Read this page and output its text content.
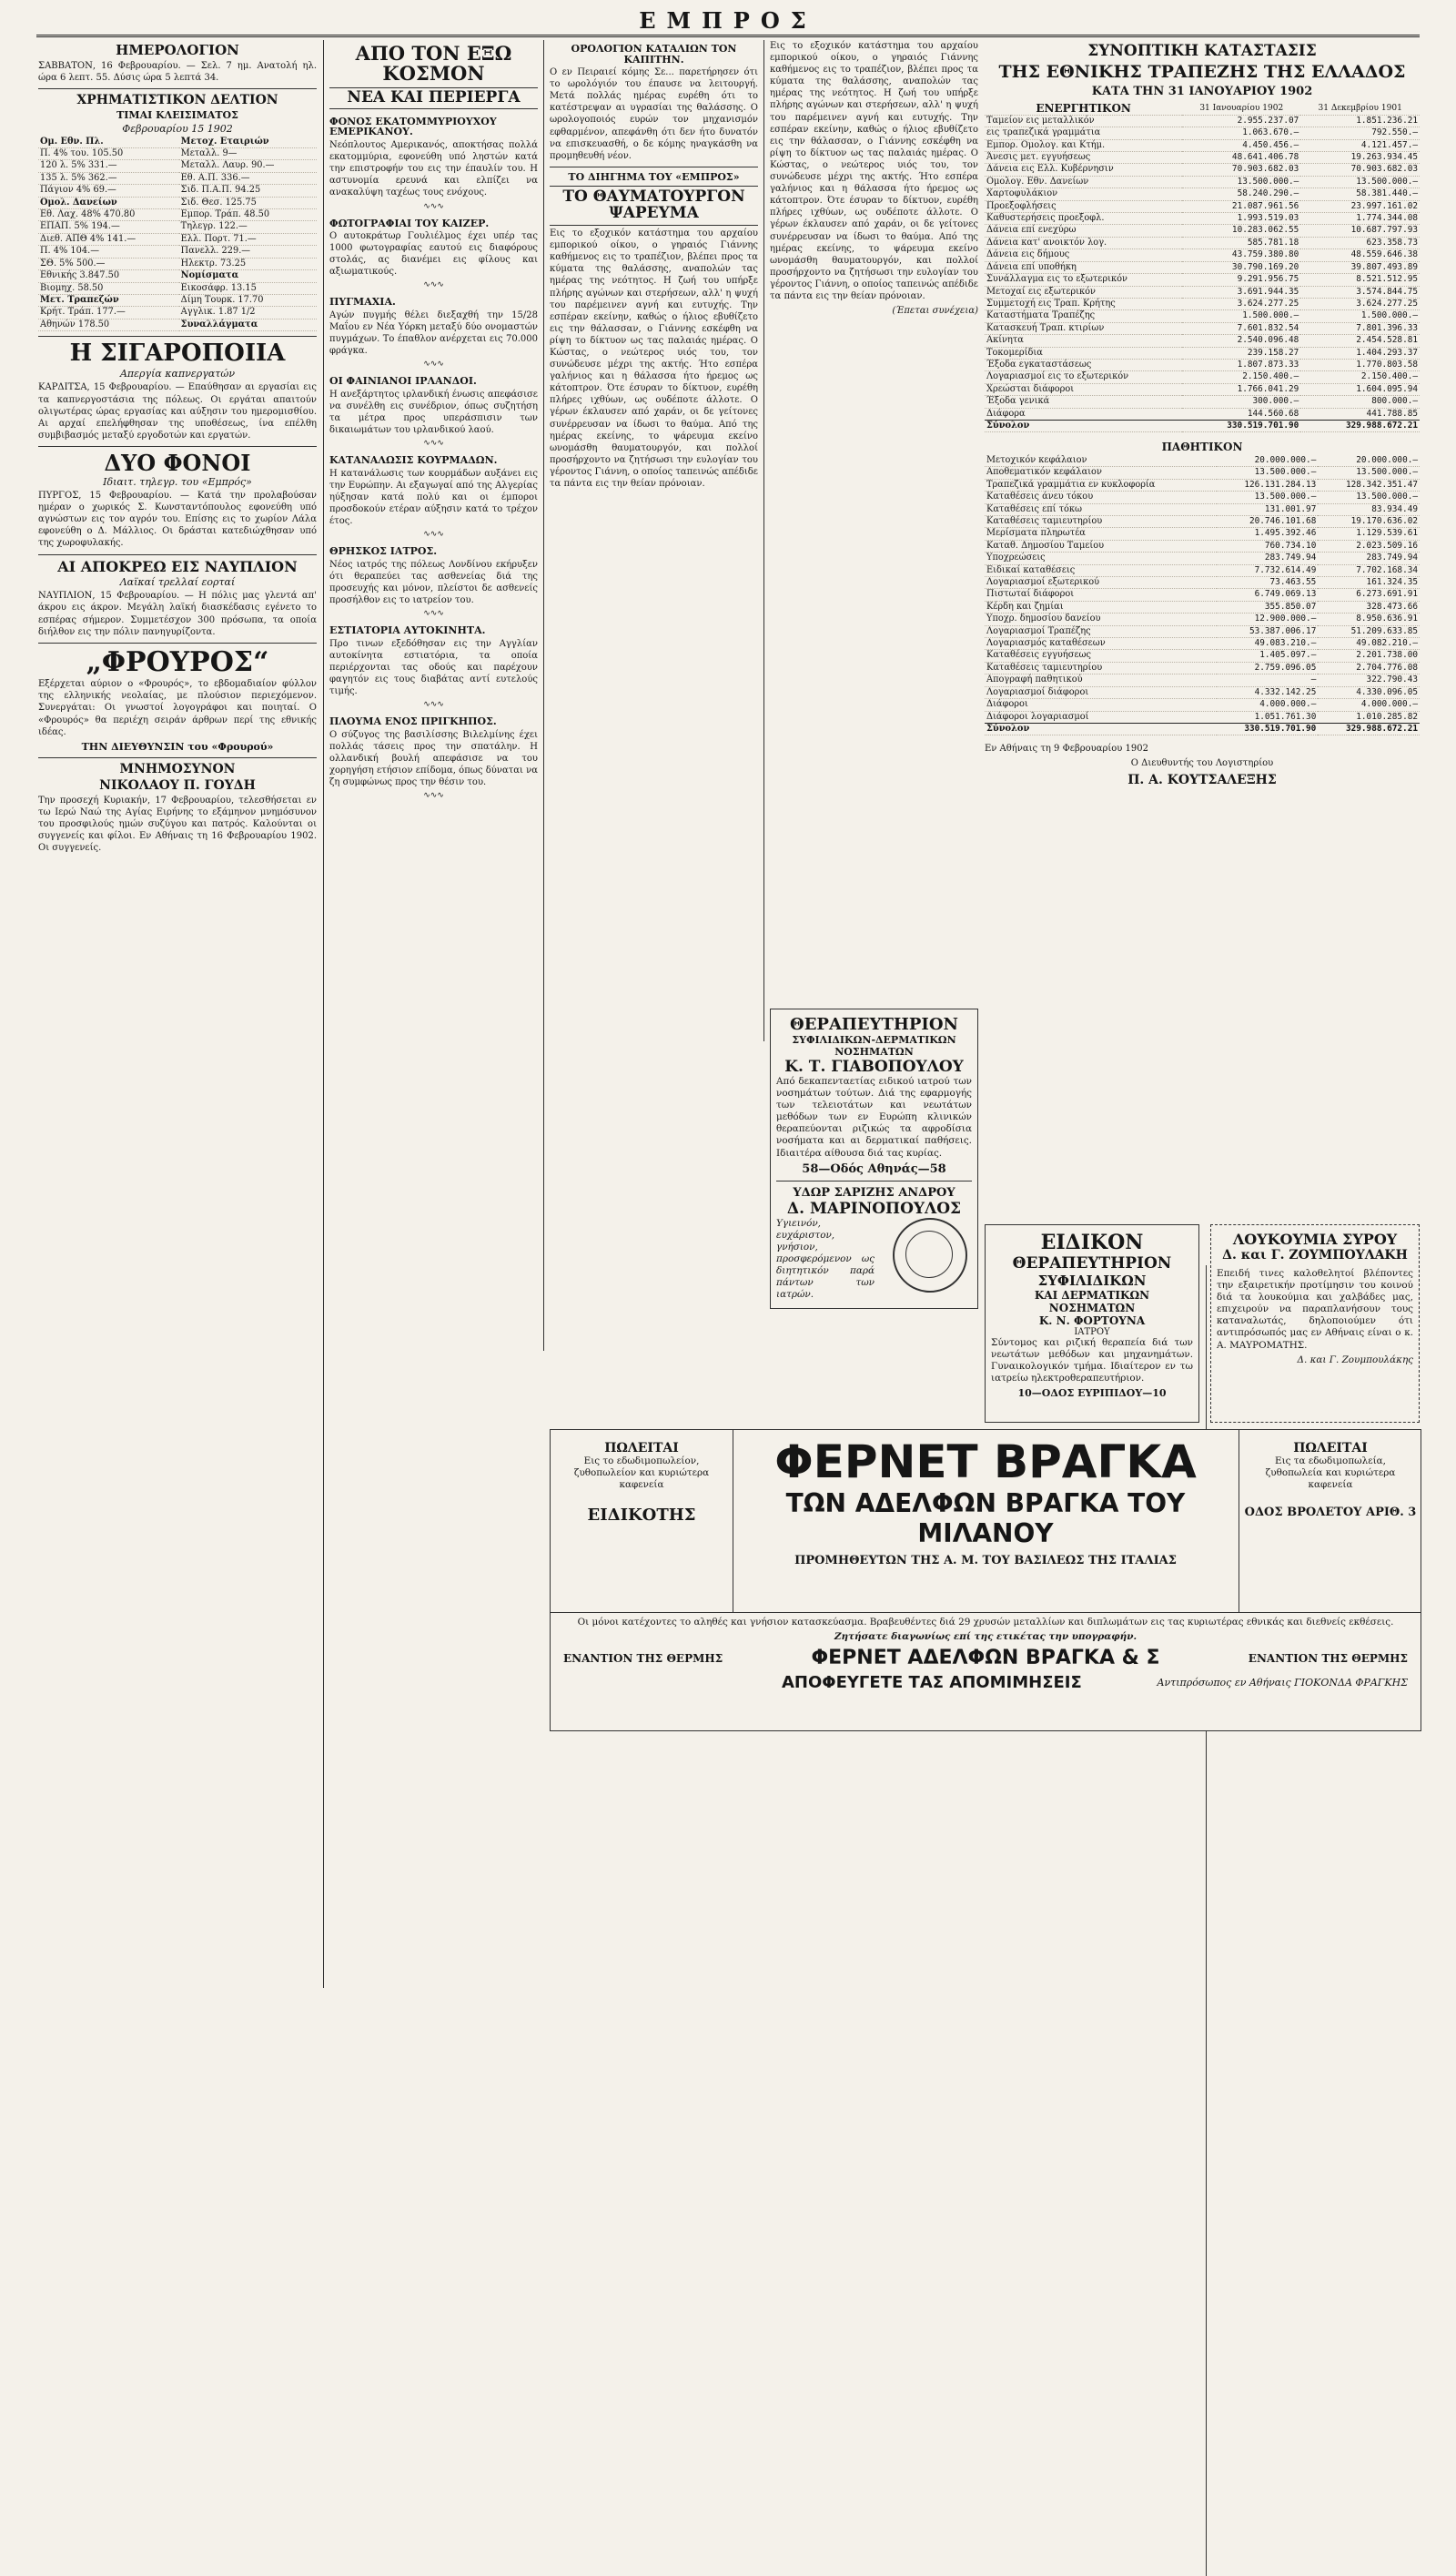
ΕΜΠΡΟΣ
ΗΜΕΡΟΛΟΓΙΟΝ

ΣΑΒΒΑΤΟΝ, 16 Φεβρουαρίου. — Σελ. 7 ημ. Ανατολή ηλ. ώρα 6 λεπτ. 55. Δύσις ώρα 5 λεπτά 34.

ΧΡΗΜΑΤΙΣΤΙΚΟΝ ΔΕΛΤΙΟΝ
ΤΙΜΑΙ ΚΛΕΙΣΙΜΑΤΟΣ
Φεβρουαρίου 15 1902
Ομ. Εθν. Πλ.	Μετοχ. Εταιριών
Π. 4% του. 105.50	Μεταλλ. 9—
120 λ. 5% 331.—	Μεταλλ. Λαυρ. 90.—
135 λ. 5% 362.—	Εθ. Α.Π. 336.—
Πάγιον 4% 69.—	Σιδ. Π.Α.Π. 94.25
Ομολ. Δανείων	Σιδ. Θεσ. 125.75
Εθ. Λαχ. 48% 470.80	Εμπορ. Τράπ. 48.50
ΕΠΑΠ. 5% 194.—	Τηλεγρ. 122.—
Διεθ. ΑΠΘ 4% 141.—	Ελλ. Πορτ. 71.—
Π. 4% 104.—	Πανελλ. 229.—
ΣΘ. 5% 500.—	Ηλεκτρ. 73.25
Εθνικής 3.847.50	Νομίσματα
Βιομηχ. 58.50	Εικοσάφρ. 13.15
Μετ. Τραπεζών	Δίμη Τουρκ. 17.70
Κρήτ. Τράπ. 177.—	Αγγλικ. 1.87 1/2
Αθηνών 178.50	Συναλλάγματα
Η ΣΙΓΑΡΟΠΟΙΙΑ
Απεργία καπνεργατών

ΚΑΡΔΙΤΣΑ, 15 Φεβρουαρίου. — Επαύθησαν αι εργασίαι εις τα καπνεργοστάσια της πόλεως. Οι εργάται απαιτούν ολιγωτέρας ώρας εργασίας και αύξησιν του ημερομισθίου. Αι αρχαί επελήφθησαν της υποθέσεως, ίνα επέλθη συμβιβασμός μεταξύ εργοδοτών και εργατών.

ΔΥΟ ΦΟΝΟΙ
Ιδιαιτ. τηλεγρ. του «Εμπρός»

ΠΥΡΓΟΣ, 15 Φεβρουαρίου. — Κατά την προλαβούσαν ημέραν ο χωρικός Σ. Κωνσταντόπουλος εφονεύθη υπό αγνώστων εις τον αγρόν του. Επίσης εις το χωρίον Λάλα εφονεύθη ο Δ. Μάλλιος. Οι δράσται κατεδιώχθησαν υπό της χωροφυλακής.

ΑΙ ΑΠΟΚΡΕΩ ΕΙΣ ΝΑΥΠΛΙΟΝ
Λαϊκαί τρελλαί εορταί

ΝΑΥΠΛΙΟΝ, 15 Φεβρουαρίου. — Η πόλις μας γλεντά απ' άκρου εις άκρον. Μεγάλη λαϊκή διασκέδασις εγένετο το εσπέρας σήμερον. Συμμετέσχον 300 πρόσωπα, τα οποία διήλθον εις την πόλιν πανηγυρίζοντα.

„ΦΡΟΥΡΟΣ“

Εξέρχεται αύριον ο «Φρουρός», το εβδομαδιαίον φύλλον της ελληνικής νεολαίας, με πλούσιον περιεχόμενον. Συνεργάται: Οι γνωστοί λογογράφοι και ποιηταί. Ο «Φρουρός» θα περιέχη σειράν άρθρων περί της εθνικής ιδέας.

ΤΗΝ ΔΙΕΥΘΥΝΣΙΝ του «Φρουρού»
ΜΝΗΜΟΣΥΝΟΝ
ΝΙΚΟΛΑΟΥ Π. ΓΟΥΔΗ

Την προσεχή Κυριακήν, 17 Φεβρουαρίου, τελεσθήσεται εν τω Ιερώ Ναώ της Αγίας Ειρήνης το εξάμηνον μνημόσυνον του προσφιλούς ημών συζύγου και πατρός. Καλούνται οι συγγενείς και φίλοι. Εν Αθήναις τη 16 Φεβρουαρίου 1902. Οι συγγενείς.

ΑΠΟ ΤΟΝ ΕΞΩ ΚΟΣΜΟΝ
ΝΕΑ ΚΑΙ ΠΕΡΙΕΡΓΑ
ΦΟΝΟΣ ΕΚΑΤΟΜΜΥΡΙΟΥΧΟΥ ΕΜΕΡΙΚΑΝΟΥ.

Νεόπλουτος Αμερικανός, αποκτήσας πολλά εκατομμύρια, εφονεύθη υπό ληστών κατά την επιστροφήν του εις την έπαυλίν του. Η αστυνομία ερευνά και ελπίζει να ανακαλύψη ταχέως τους ενόχους.

∿∿∿
ΦΩΤΟΓΡΑΦΙΑΙ ΤΟΥ ΚΑΙΖΕΡ.

Ο αυτοκράτωρ Γουλιέλμος έχει υπέρ τας 1000 φωτογραφίας εαυτού εις διαφόρους στολάς, ας διανέμει εις φίλους και αξιωματικούς.

∿∿∿
ΠΥΓΜΑΧΙΑ.

Αγών πυγμής θέλει διεξαχθή την 15/28 Μαΐου εν Νέα Υόρκη μεταξύ δύο ονομαστών πυγμάχων. Το έπαθλον ανέρχεται εις 70.000 φράγκα.

∿∿∿
ΟΙ ΦΑΙΝΙΑΝΟΙ ΙΡΛΑΝΔΟΙ.

Η ανεξάρτητος ιρλανδική ένωσις απεφάσισε να συνέλθη εις συνέδριον, όπως συζητήση τα μέτρα προς υπεράσπισιν των δικαιωμάτων του ιρλανδικού λαού.

∿∿∿
ΚΑΤΑΝΑΛΩΣΙΣ ΚΟΥΡΜΑΔΩΝ.

Η κατανάλωσις των κουρμάδων αυξάνει εις την Ευρώπην. Αι εξαγωγαί από της Αλγερίας ηύξησαν κατά πολύ και οι έμποροι προσδοκούν ετέραν αύξησιν κατά το τρέχον έτος.

∿∿∿
ΘΡΗΣΚΟΣ ΙΑΤΡΟΣ.

Νέος ιατρός της πόλεως Λονδίνου εκήρυξεν ότι θεραπεύει τας ασθενείας διά της προσευχής και μόνον, πλείστοι δε ασθενείς προσήλθον εις το ιατρείον του.

∿∿∿
ΕΣΤΙΑΤΟΡΙΑ ΑΥΤΟΚΙΝΗΤΑ.

Προ τινων εξεδόθησαν εις την Αγγλίαν αυτοκίνητα εστιατόρια, τα οποία περιέρχονται τας οδούς και παρέχουν φαγητόν εις τους διαβάτας αντί ευτελούς τιμής.

∿∿∿
ΠΛΟΥΜΑ ΕΝΟΣ ΠΡΙΓΚΗΠΟΣ.

Ο σύζυγος της βασιλίσσης Βιλελμίνης έχει πολλάς τάσεις προς την σπατάλην. Η ολλανδική βουλή απεφάσισε να του χορηγήση ετήσιον επίδομα, όπως δύναται να ζη συμφώνως προς την θέσιν του.

∿∿∿
ΟΡΟΛΟΓΙΟΝ ΚΑΤΑΛΙΩΝ ΤΟΝ ΚΑΠΙΤΗΝ.

Ο εν Πειραιεί κόμης Σε... παρετήρησεν ότι το ωρολόγιόν του έπαυσε να λειτουργή. Μετά πολλάς ημέρας ευρέθη ότι το κατέστρεψαν αι υγρασίαι της θαλάσσης. Ο ωρολογοποιός ευρών τον μηχανισμόν εφθαρμένον, απεφάνθη ότι δεν ήτο δυνατόν να επισκευασθή, ο δε κόμης ηναγκάσθη να προμηθευθή νέον.

ΤΟ ΔΙΗΓΗΜΑ ΤΟΥ «ΕΜΠΡΟΣ»
ΤΟ ΘΑΥΜΑΤΟΥΡΓΟΝ ΨΑΡΕΥΜΑ

Εις το εξοχικόν κατάστημα του αρχαίου εμπορικού οίκου, ο γηραιός Γιάννης καθήμενος εις το τραπέζιον, βλέπει προς τα κύματα της θαλάσσης, αναπολών τας ημέρας της νεότητος. Η ζωή του υπήρξε πλήρης αγώνων και στερήσεων, αλλ' η ψυχή του παρέμεινεν αγνή και ευτυχής. Την εσπέραν εκείνην, καθώς ο ήλιος εβυθίζετο εις την θάλασσαν, ο Γιάννης εσκέφθη να ρίψη το δίκτυον ως τας παλαιάς ημέρας. Ο Κώστας, ο νεώτερος υιός του, τον συνώδευσε μέχρι της ακτής. Ήτο εσπέρα γαλήνιος και η θάλασσα ήτο ήρεμος ως κάτοπτρον. Ότε έσυραν το δίκτυον, ευρέθη πλήρες ιχθύων, ως ουδέποτε άλλοτε. Ο γέρων έκλαυσεν από χαράν, οι δε γείτονες συνέρρευσαν να ίδωσι το θαύμα. Από της ημέρας εκείνης, το ψάρευμα εκείνο ωνομάσθη θαυματουργόν, και πολλοί προσήρχοντο να ζητήσωσι την ευλογίαν του γέροντος Γιάννη, ο οποίος ταπεινώς απέδιδε τα πάντα εις την θείαν πρόνοιαν.

Εις το εξοχικόν κατάστημα του αρχαίου εμπορικού οίκου, ο γηραιός Γιάννης καθήμενος εις το τραπέζιον, βλέπει προς τα κύματα της θαλάσσης, αναπολών τας ημέρας της νεότητος. Η ζωή του υπήρξε πλήρης αγώνων και στερήσεων, αλλ' η ψυχή του παρέμεινεν αγνή και ευτυχής. Την εσπέραν εκείνην, καθώς ο ήλιος εβυθίζετο εις την θάλασσαν, ο Γιάννης εσκέφθη να ρίψη το δίκτυον ως τας παλαιάς ημέρας. Ο Κώστας, ο νεώτερος υιός του, τον συνώδευσε μέχρι της ακτής. Ήτο εσπέρα γαλήνιος και η θάλασσα ήτο ήρεμος ως κάτοπτρον. Ότε έσυραν το δίκτυον, ευρέθη πλήρες ιχθύων, ως ουδέποτε άλλοτε. Ο γέρων έκλαυσεν από χαράν, οι δε γείτονες συνέρρευσαν να ίδωσι το θαύμα. Από της ημέρας εκείνης, το ψάρευμα εκείνο ωνομάσθη θαυματουργόν, και πολλοί προσήρχοντο να ζητήσωσι την ευλογίαν του γέροντος Γιάννη, ο οποίος ταπεινώς απέδιδε τα πάντα εις την θείαν πρόνοιαν.

(Έπεται συνέχεια)

ΣΥΝΟΠΤΙΚΗ ΚΑΤΑΣΤΑΣΙΣ
ΤΗΣ ΕΘΝΙΚΗΣ ΤΡΑΠΕΖΗΣ ΤΗΣ ΕΛΛΑΔΟΣ
ΚΑΤΑ ΤΗΝ 31 ΙΑΝΟΥΑΡΙΟΥ 1902
ΕΝΕΡΓΗΤΙΚΟΝ	31 Ιανουαρίου 1902	31 Δεκεμβρίου 1901
Ταμείον εις μεταλλικόν	2.955.237.07	1.851.236.21
εις τραπεζικά γραμμάτια	1.063.670.—	792.550.—
Εμπορ. Ομολογ. και Κτήμ.	4.450.456.—	4.121.457.—
Άνεσις μετ. εγγυήσεως	48.641.406.78	19.263.934.45
Δάνεια εις Ελλ. Κυβέρνησιν	70.903.682.03	70.903.682.03
Ομολογ. Εθν. Δανείων	13.500.000.—	13.500.000.—
Χαρτοφυλάκιον	58.240.290.—	58.381.440.—
Προεξοφλήσεις	21.087.961.56	23.997.161.02
Καθυστερήσεις προεξοφλ.	1.993.519.03	1.774.344.08
Δάνεια επί ενεχύρω	10.283.062.55	10.687.797.93
Δάνεια κατ' ανοικτόν λογ.	585.781.18	623.358.73
Δάνεια εις δήμους	43.759.380.80	48.559.646.38
Δάνεια επί υποθήκη	30.790.169.20	39.807.493.89
Συνάλλαγμα εις το εξωτερικόν	9.291.956.75	8.521.512.95
Μετοχαί εις εξωτερικόν	3.691.944.35	3.574.844.75
Συμμετοχή εις Τραπ. Κρήτης	3.624.277.25	3.624.277.25
Καταστήματα Τραπέζης	1.500.000.—	1.500.000.—
Κατασκευή Τραπ. κτιρίων	7.601.832.54	7.801.396.33
Ακίνητα	2.540.096.48	2.454.528.81
Τοκομερίδια	239.158.27	1.404.293.37
Έξοδα εγκαταστάσεως	1.807.873.33	1.770.803.58
Λογαριασμοί εις το εξωτερικόν	2.150.400.—	2.150.400.—
Χρεώσται διάφοροι	1.766.041.29	1.604.095.94
Έξοδα γενικά	300.000.—	800.000.—
Διάφορα	144.560.68	441.788.85
Σύνολον	330.519.701.90	329.988.672.21
ΠΑΘΗΤΙΚΟΝ
Μετοχικόν κεφάλαιον	20.000.000.—	20.000.000.—
Αποθεματικόν κεφάλαιον	13.500.000.—	13.500.000.—
Τραπεζικά γραμμάτια εν κυκλοφορία	126.131.284.13	128.342.351.47
Καταθέσεις άνευ τόκου	13.500.000.—	13.500.000.—
Καταθέσεις επί τόκω	131.001.97	83.934.49
Καταθέσεις ταμιευτηρίου	20.746.101.68	19.170.636.02
Μερίσματα πληρωτέα	1.495.392.46	1.129.539.61
Καταθ. Δημοσίου Ταμείου	760.734.10	2.023.509.16
Υποχρεώσεις	283.749.94	283.749.94
Ειδικαί καταθέσεις	7.732.614.49	7.702.168.34
Λογαριασμοί εξωτερικού	73.463.55	161.324.35
Πιστωταί διάφοροι	6.749.069.13	6.273.691.91
Κέρδη και ζημίαι	355.850.07	328.473.66
Υποχρ. δημοσίου δανείου	12.900.000.—	8.950.636.91
Λογαριασμοί Τραπέζης	53.387.006.17	51.209.633.85
Λογαριασμός καταθέσεων	49.083.210.—	49.082.210.—
Καταθέσεις εγγυήσεως	1.405.097.—	2.201.738.00
Καταθέσεις ταμιευτηρίου	2.759.096.05	2.704.776.08
Απογραφή παθητικού	—	322.790.43
Λογαριασμοί διάφοροι	4.332.142.25	4.330.096.05
Διάφοροι	4.000.000.—	4.000.000.—
Διάφοροι λογαριασμοί	1.051.761.30	1.010.285.82
Σύνολον	330.519.701.90	329.988.672.21

Εν Αθήναις τη 9 Φεβρουαρίου 1902

Ο Διευθυντής του Λογιστηρίου

Π. Α. ΚΟΥΤΣΑΛΕΞΗΣ
ΘΕΡΑΠΕΥΤΗΡΙΟΝ
ΣΥΦΙΛΙΔΙΚΩΝ-ΔΕΡΜΑΤΙΚΩΝ ΝΟΣΗΜΑΤΩΝ
Κ. Τ. ΓΙΑΒΟΠΟΥΛΟΥ

Από δεκαπενταετίας ειδικού ιατρού των νοσημάτων τούτων. Διά της εφαρμογής των τελειοτάτων και νεωτάτων μεθόδων των εν Ευρώπη κλινικών θεραπεύονται ριζικώς τα αφροδίσια νοσήματα και αι δερματικαί παθήσεις. Ιδιαιτέρα αίθουσα διά τας κυρίας.

58—Οδός Αθηνάς—58
ΥΔΩΡ ΣΑΡΙΖΗΣ ΑΝΔΡΟΥ
Δ. ΜΑΡΙΝΟΠΟΥΛΟΣ

Υγιεινόν, ευχάριστον, γνήσιον, προσφερόμενον ως διητητικόν παρά πάντων των ιατρών.

ΕΙΔΙΚΟΝ
ΘΕΡΑΠΕΥΤΗΡΙΟΝ
ΣΥΦΙΛΙΔΙΚΩΝ
ΚΑΙ ΔΕΡΜΑΤΙΚΩΝ ΝΟΣΗΜΑΤΩΝ
Κ. Ν. ΦΟΡΤΟΥΝΑ
ΙΑΤΡΟΥ

Σύντομος και ριζική θεραπεία διά των νεωτάτων μεθόδων και μηχανημάτων. Γυναικολογικόν τμήμα. Ιδιαίτερον εν τω ιατρείω ηλεκτροθεραπευτήριον.

10—ΟΔΟΣ ΕΥΡΙΠΙΔΟΥ—10
ΛΟΥΚΟΥΜΙΑ ΣΥΡΟΥ
Δ. και Γ. ΖΟΥΜΠΟΥΛΑΚΗ

Επειδή τινες καλοθελητοί βλέποντες την εξαιρετικήν προτίμησιν του κοινού διά τα λουκούμια και χαλβάδες μας, επιχειρούν να παραπλανήσουν τους καταναλωτάς, δηλοποιούμεν ότι αντιπρόσωπός μας εν Αθήναις είναι ο κ. Α. ΜΑΥΡΟΜΑΤΗΣ.

Δ. και Γ. Ζουμπουλάκης

ΠΩΛΕΙΤΑΙ

Εις το εδωδιμοπωλείον, ζυθοπωλείον και κυριώτερα καφενεία

ΕΙΔΙΚΟΤΗΣ
ΦΕΡΝΕΤ ΒΡΑΓΚΑ
ΤΩΝ ΑΔΕΛΦΩΝ ΒΡΑΓΚΑ ΤΟΥ ΜΙΛΑΝΟΥ
ΠΡΟΜΗΘΕΥΤΩΝ ΤΗΣ Α. Μ. ΤΟΥ ΒΑΣΙΛΕΩΣ ΤΗΣ ΙΤΑΛΙΑΣ
ΠΩΛΕΙΤΑΙ

Εις τα εδωδιμοπωλεία, ζυθοπωλεία και κυριώτερα καφενεία

ΟΔΟΣ ΒΡΟΛΕΤΟΥ ΑΡΙΘ. 3

Οι μόνοι κατέχοντες το αληθές και γνήσιον κατασκεύασμα. Βραβευθέντες διά 29 χρυσών μεταλλίων και διπλωμάτων εις τας κυριωτέρας εθνικάς και διεθνείς εκθέσεις.

Ζητήσατε διαγωνίως επί της ετικέτας την υπογραφήν.

ΕΝΑΝΤΙΟΝ ΤΗΣ ΘΕΡΜΗΣ	ΦΕΡΝΕΤ ΑΔΕΛΦΩΝ ΒΡΑΓΚΑ & Σ	ΕΝΑΝΤΙΟΝ ΤΗΣ ΘΕΡΜΗΣ
ΑΠΟΦΕΥΓΕΤΕ ΤΑΣ ΑΠΟΜΙΜΗΣΕΙΣ	Αντιπρόσωπος εν Αθήναις ΓΙΟΚΟΝΔΑ ΦΡΑΓΚΗΣ
